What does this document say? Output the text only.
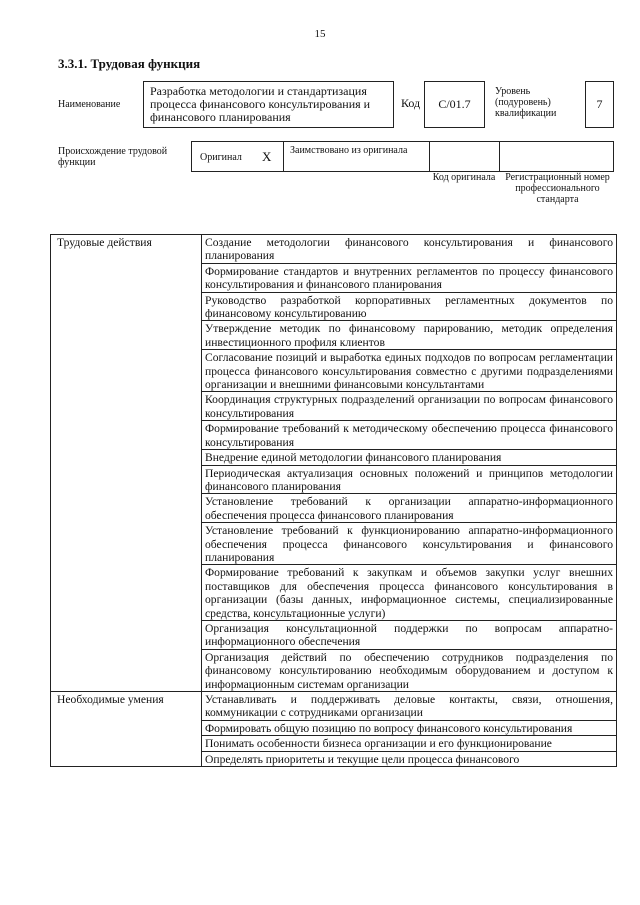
15
3.3.1. Трудовая функция
Наименование
Разработка методологии и стандартизация процесса финансового консультирования и финансового планирования
Код	С/01.7
Уровень (подуровень) квалификации
7
Происхождение трудовой функции	Оригинал X Заимствовано из оригинала
Код оригинала Регистрационный номер профессионального стандарта
Трудовые действия	Создание методологии финансового консультирования и финансового планирования
	Формирование стандартов и внутренних регламентов по процессу финансового консультирования и финансового планирования
	Руководство разработкой корпоративных регламентных документов по финансовому консультированию
	Утверждение методик по финансовому парированию, методик определения инвестиционного профиля клиентов
	Согласование позиций и выработка единых подходов по вопросам регламентации процесса финансового консультирования совместно с другими подразделениями организации и внешними финансовыми консультантами
	Координация структурных подразделений организации по вопросам финансового консультирования
	Формирование требований к методическому обеспечению процесса финансового консультирования
	Внедрение единой методологии финансового планирования
	Периодическая актуализация основных положений и принципов методологии финансового планирования
	Установление требований к организации аппаратно-информационного обеспечения процесса финансового планирования
	Установление требований к функционированию аппаратно-информационного обеспечения процесса финансового консультирования и финансового планирования
	Формирование требований к закупкам и объемов закупки услуг внешних поставщиков для обеспечения процесса финансового консультирования в организации (базы данных, информационное системы, специализированные средства, консультационные услуги)
	Организация консультационной поддержки по вопросам аппаратно-информационного обеспечения
	Организация действий по обеспечению сотрудников подразделения по финансовому консультированию необходимым оборудованием и доступом к информационным системам организации
Необходимые умения	Устанавливать и поддерживать деловые контакты, связи, отношения, коммуникации с сотрудниками организации
	Формировать общую позицию по вопросу финансового консультирования
	Понимать особенности бизнеса организации и его функционирование
	Определять приоритеты и текущие цели процесса финансового
